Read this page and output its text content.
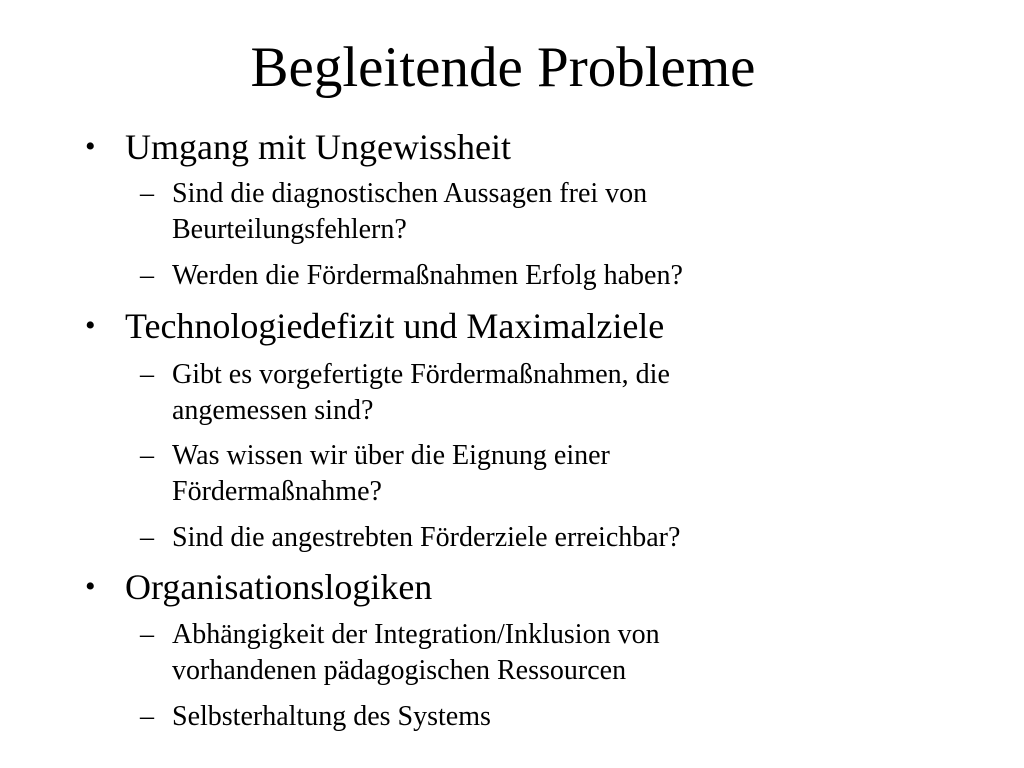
Begleitende Probleme
• Umgang mit Ungewissheit
– Sind die diagnostischen Aussagen frei von
Beurteilungsfehlern?
– Werden die Fördermaßnahmen Erfolg haben?
• Technologiedefizit und Maximalziele
– Gibt es vorgefertigte Fördermaßnahmen, die
angemessen sind?
– Was wissen wir über die Eignung einer
Fördermaßnahme?
– Sind die angestrebten Förderziele erreichbar?
• Organisationslogiken
– Abhängigkeit der Integration/Inklusion von
vorhandenen pädagogischen Ressourcen
– Selbsterhaltung des Systems
